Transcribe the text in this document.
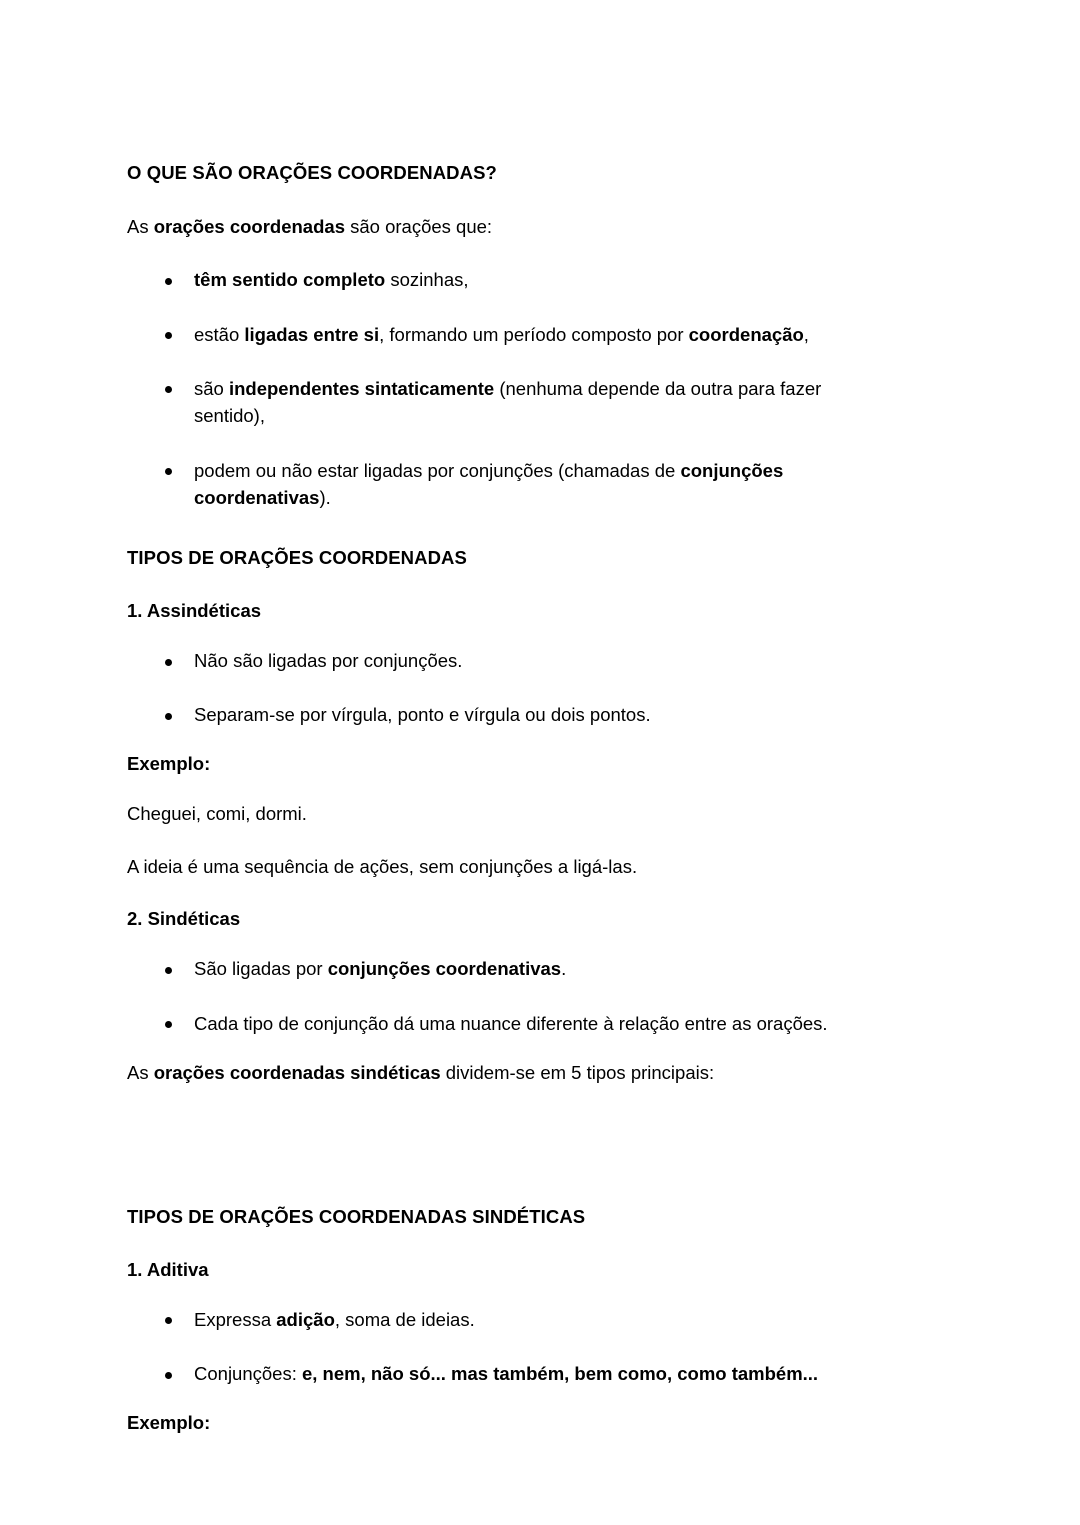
O QUE SÃO ORAÇÕES COORDENADAS?

As orações coordenadas são orações que:

têm sentido completo sozinhas,
estão ligadas entre si, formando um período composto por coordenação,
são independentes sintaticamente (nenhuma depende da outra para fazer sentido),
podem ou não estar ligadas por conjunções (chamadas de conjunções coordenativas).
TIPOS DE ORAÇÕES COORDENADAS
1. Assindéticas
Não são ligadas por conjunções.
Separam-se por vírgula, ponto e vírgula ou dois pontos.

Exemplo:

Cheguei, comi, dormi.

A ideia é uma sequência de ações, sem conjunções a ligá-las.

2. Sindéticas
São ligadas por conjunções coordenativas.
Cada tipo de conjunção dá uma nuance diferente à relação entre as orações.

As orações coordenadas sindéticas dividem-se em 5 tipos principais:

TIPOS DE ORAÇÕES COORDENADAS SINDÉTICAS
1. Aditiva
Expressa adição, soma de ideias.
Conjunções: e, nem, não só... mas também, bem como, como também...

Exemplo:
